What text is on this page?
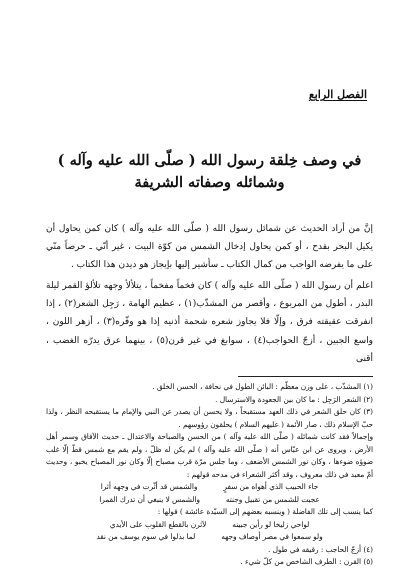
الفصل الرابع
في وصف خِلقة رسول الله ( صلّى الله عليه وآله )
وشمائله وصفاته الشريفة

إنَّ من أراد الحديث عن شمائل رسول الله ( صلّى الله عليه وآله ) كان كمن يحاول أن يكيل البحر بقدح ، أو كمن يحاول إدخال الشمس من كوّة البيت ، غير أنّي ـ حرصاً منّي على ما يفرضه الواجب من كمال الكتاب ـ سأشير إليها بإيجاز هو ديدن هذا الكتاب .

اعلم أن رسول الله ( صلّى الله عليه وآله ) كان فخماً مفخماً ، يتلألأ وجهه تلألؤ القمر ليلة البدر ، أطول من المربوع ، وأقصر من المشذّب(١) ، عظيم الهامة ، رَجِل الشعر(٢) ، إذا انفرقت عقيقته فرق ، وإلّا فلا يجاوز شعره شحمة أذنيه إذا هو وفّره(٣) ، أزهر اللون ، واسع الجبين ، أزجّ الحواجب(٤) ، سوابغ في غير قرن(٥) ، بينهما عرق يدرّه الغضب ، أقنى

(١) المشذّب ، على وزن معظّم : البائن الطول في نحافة ، الحسن الخلق .
(٢) الشعر الرَجِل : ما كان بين الجعودة والاسترسال .
(٣) كان حلق الشعر في ذلك العهد مستقبحاً ، ولا يحسن أن يصدر عن النبي والإمام ما يستقبحه النظر ، ولذا حبّ الإسلام ذلك ، صار الأئمة ( عليهم السلام ) يحلقون رؤوسهم .
وإجمالاً فقد كانت شمائله ( صلّى الله عليه وآله ) من الحسن والصباحة والاعتدال ـ حديث الآفاق وسمر أهل الأرض ، ويروى عن ابن عبّاس أنه ( صلّى الله عليه وآله ) لم يكن له ظلّ ، ولم يقم مع شمس قطّ إلّا غلب ضوؤه ضوءها ، وكان نور الشمس الأضعف ، وما جلس مرّة قرب مصباح إلّا وكان نور المصباح يخبو ، وحديث أمّ معبد في ذلك معروف ، وقد أكثر الشعراء في مدحه قولهم :
جاء الحبيب الذي أهواه من سفرٍ
والشمس قد أثّرت في وجهه أثرا
عجبت للشمس من تقبيل وجنته
والشمس لا ينبغي أن تدرك القمرا
كما ينسب إلى تلك الفاضلة ( وينسبه بعضهم إلى السيّدة عائشة ) قولها :
لواحي زليخا لو رأين جبينه
لآثرن بالقطع القلوب على الأيدي
ولو سمعوا في مصر أوصاف وجهه
لما بذلوا في سوم يوسف من نقد
(٤) أزجّ الحاجب : رقيقه في طول .
(٥) القرن : الطرف الشاخص من كلّ شيء .
